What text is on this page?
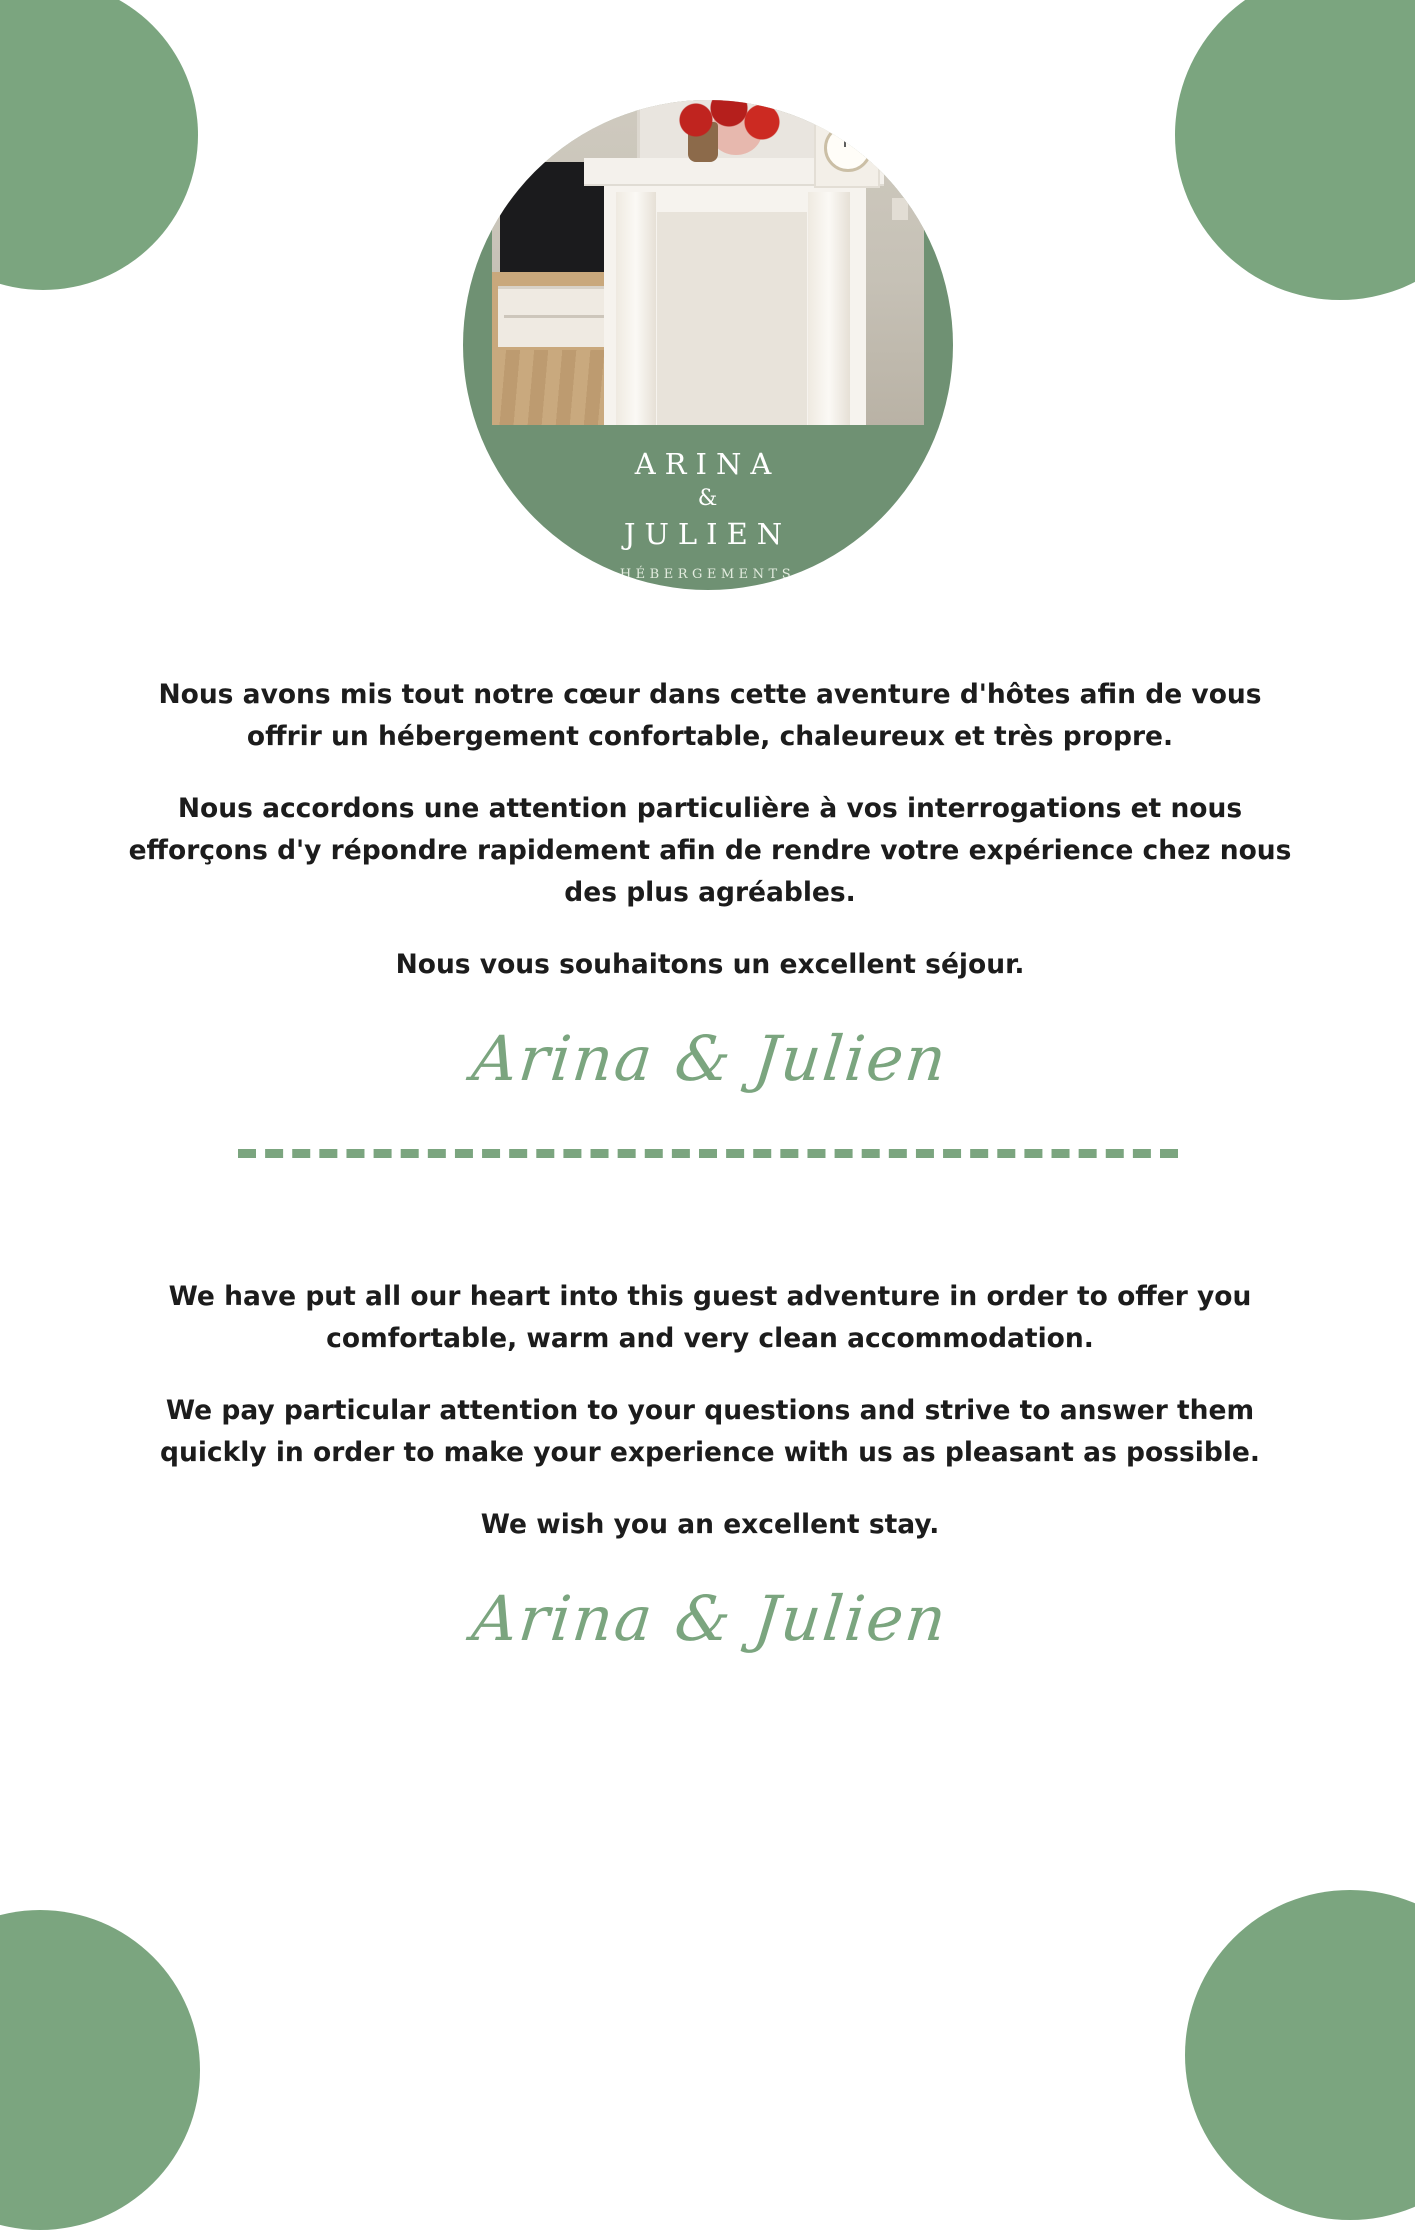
ARINA
&
JULIEN
HÉBERGEMENTS

Nous avons mis tout notre cœur dans cette aventure d'hôtes afin de vous offrir un hébergement confortable, chaleureux et très propre.

Nous accordons une attention particulière à vos interrogations et nous efforçons d'y répondre rapidement afin de rendre votre expérience chez nous des plus agréables.

Nous vous souhaitons un excellent séjour.

Arina & Julien

We have put all our heart into this guest adventure in order to offer you comfortable, warm and very clean accommodation.

We pay particular attention to your questions and strive to answer them quickly in order to make your experience with us as pleasant as possible.

We wish you an excellent stay.

Arina & Julien
